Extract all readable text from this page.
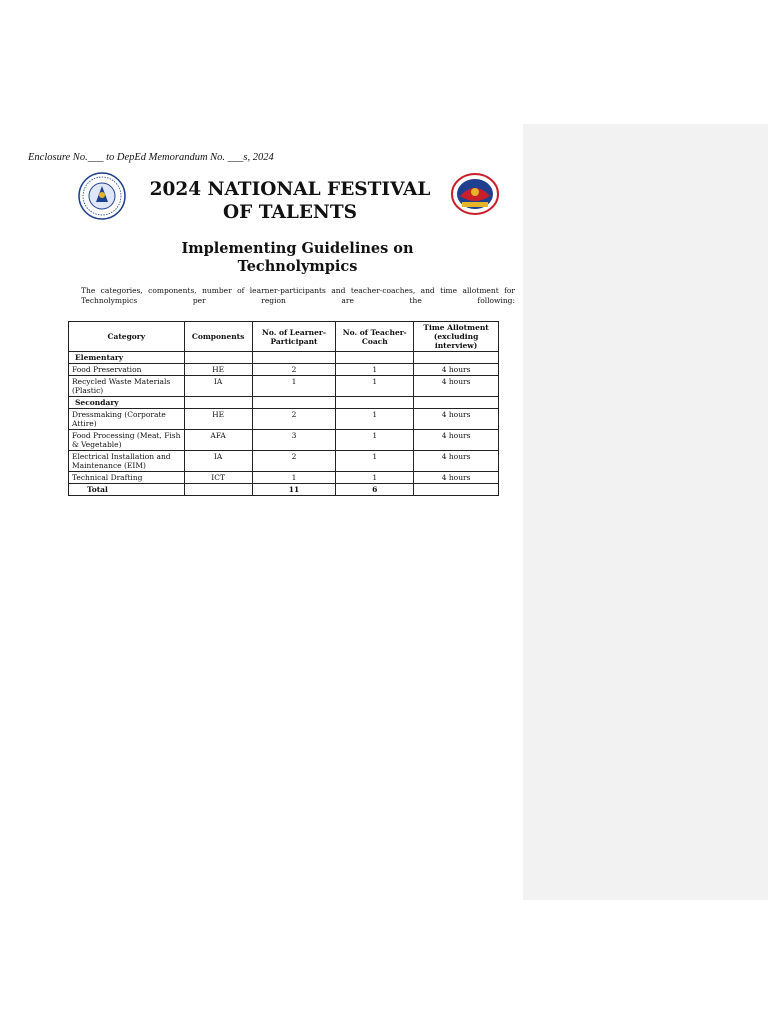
Enclosure No.___ to DepEd Memorandum No. ___s, 2024
2024 NATIONAL FESTIVAL
OF TALENTS
Implementing Guidelines on
Technolympics
The categories, components, number of learner-participants and teacher-coaches, and time allotment for Technolympics per region are the following:
Category	Components	No. of Learner-Participant	No. of Teacher-Coach	Time Allotment (excluding interview)
Elementary				
Food Preservation	HE	2	1	4 hours
Recycled Waste Materials (Plastic)	IA	1	1	4 hours
Secondary				
Dressmaking (Corporate Attire)	HE	2	1	4 hours
Food Processing (Meat, Fish & Vegetable)	AFA	3	1	4 hours
Electrical Installation and Maintenance (EIM)	IA	2	1	4 hours
Technical Drafting	ICT	1	1	4 hours
Total		11	6	
